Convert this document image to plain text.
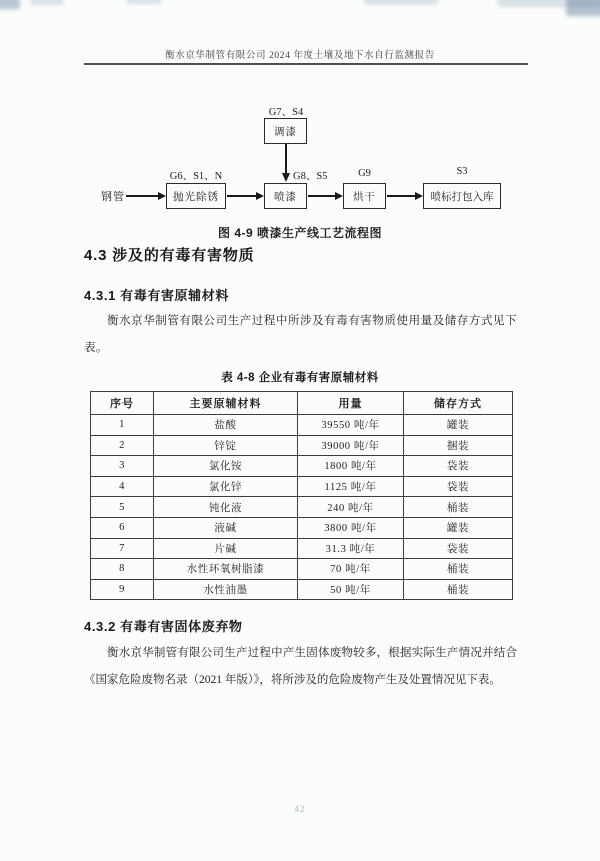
衡水京华制管有限公司 2024 年度土壤及地下水自行监测报告
G7、S4
调漆
G8、S5
G6、S1、N	G9	S3
钢管	抛光除锈	喷漆	烘干	喷标打包入库
图 4-9 喷漆生产线工艺流程图
4.3 涉及的有毒有害物质
4.3.1 有毒有害原辅材料
衡水京华制管有限公司生产过程中所涉及有毒有害物质使用量及储存方式见下表。
表 4-8 企业有毒有害原辅材料
序号	主要原辅材料	用量	储存方式
1	盐酸	39550 吨/年	罐装
2	锌锭	39000 吨/年	捆装
3	氯化铵	1800 吨/年	袋装
4	氯化锌	1125 吨/年	袋装
5	钝化液	240 吨/年	桶装
6	液碱	3800 吨/年	罐装
7	片碱	31.3 吨/年	袋装
8	水性环氧树脂漆	70 吨/年	桶装
9	水性油墨	50 吨/年	桶装
4.3.2 有毒有害固体废弃物
衡水京华制管有限公司生产过程中产生固体废物较多，根据实际生产情况并结合《国家危险废物名录（2021 年版）》，将所涉及的危险废物产生及处置情况见下表。
42
